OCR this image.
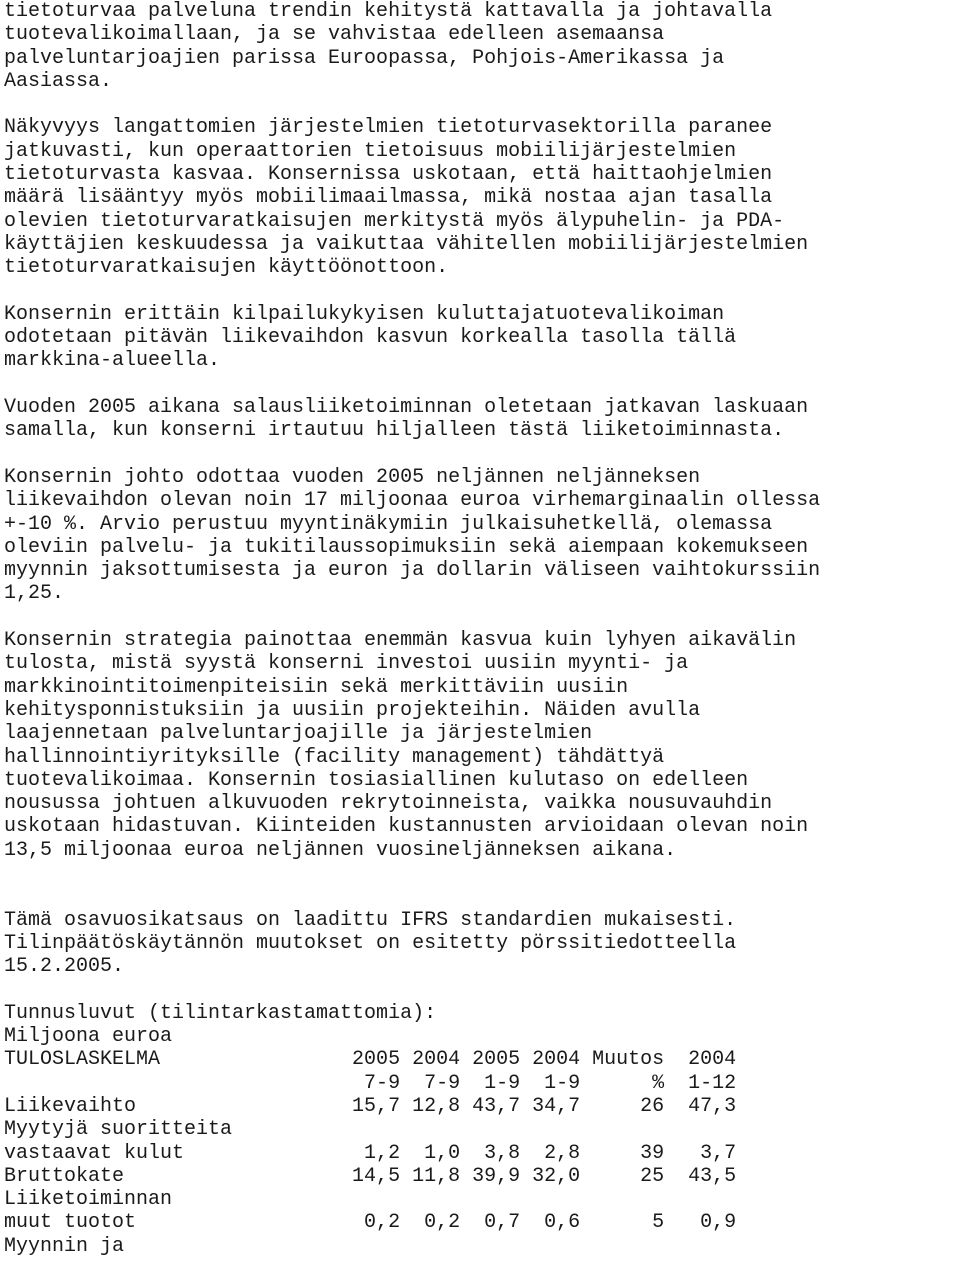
tietoturvaa palveluna trendin kehitystä kattavalla ja johtavalla
tuotevalikoimallaan, ja se vahvistaa edelleen asemaansa
palveluntarjoajien parissa Euroopassa, Pohjois-Amerikassa ja
Aasiassa.
Näkyvyys langattomien järjestelmien tietoturvasektorilla paranee
jatkuvasti, kun operaattorien tietoisuus mobiilijärjestelmien
tietoturvasta kasvaa. Konsernissa uskotaan, että haittaohjelmien
määrä lisääntyy myös mobiilimaailmassa, mikä nostaa ajan tasalla
olevien tietoturvaratkaisujen merkitystä myös älypuhelin- ja PDA-
käyttäjien keskuudessa ja vaikuttaa vähitellen mobiilijärjestelmien
tietoturvaratkaisujen käyttöönottoon.
Konsernin erittäin kilpailukykyisen kuluttajatuotevalikoiman
odotetaan pitävän liikevaihdon kasvun korkealla tasolla tällä
markkina-alueella.
Vuoden 2005 aikana salausliiketoiminnan oletetaan jatkavan laskuaan
samalla, kun konserni irtautuu hiljalleen tästä liiketoiminnasta.
Konsernin johto odottaa vuoden 2005 neljännen neljänneksen
liikevaihdon olevan noin 17 miljoonaa euroa virhemarginaalin ollessa
+-10 %. Arvio perustuu myyntinäkymiin julkaisuhetkellä, olemassa
oleviin palvelu- ja tukitilaussopimuksiin sekä aiempaan kokemukseen
myynnin jaksottumisesta ja euron ja dollarin väliseen vaihtokurssiin
1,25.
Konsernin strategia painottaa enemmän kasvua kuin lyhyen aikavälin
tulosta, mistä syystä konserni investoi uusiin myynti- ja
markkinointitoimenpiteisiin sekä merkittäviin uusiin
kehitysponnistuksiin ja uusiin projekteihin. Näiden avulla
laajennetaan palveluntarjoajille ja järjestelmien
hallinnointiyrityksille (facility management) tähdättyä
tuotevalikoimaa. Konsernin tosiasiallinen kulutaso on edelleen
nousussa johtuen alkuvuoden rekrytoinneista, vaikka nousuvauhdin
uskotaan hidastuvan. Kiinteiden kustannusten arvioidaan olevan noin
13,5 miljoonaa euroa neljännen vuosineljänneksen aikana.
Tämä osavuosikatsaus on laadittu IFRS standardien mukaisesti.
Tilinpäätöskäytännön muutokset on esitetty pörssitiedotteella
15.2.2005.
Tunnusluvut (tilintarkastamattomia):
Miljoona euroa
TULOSLASKELMA                2005 2004 2005 2004 Muutos  2004
7-9  7-9  1-9  1-9      %  1-12
Liikevaihto                  15,7 12,8 43,7 34,7     26  47,3
Myytyjä suoritteita
vastaavat kulut               1,2  1,0  3,8  2,8     39   3,7
Bruttokate                   14,5 11,8 39,9 32,0     25  43,5
Liiketoiminnan
muut tuotot                   0,2  0,2  0,7  0,6      5   0,9
Myynnin ja
